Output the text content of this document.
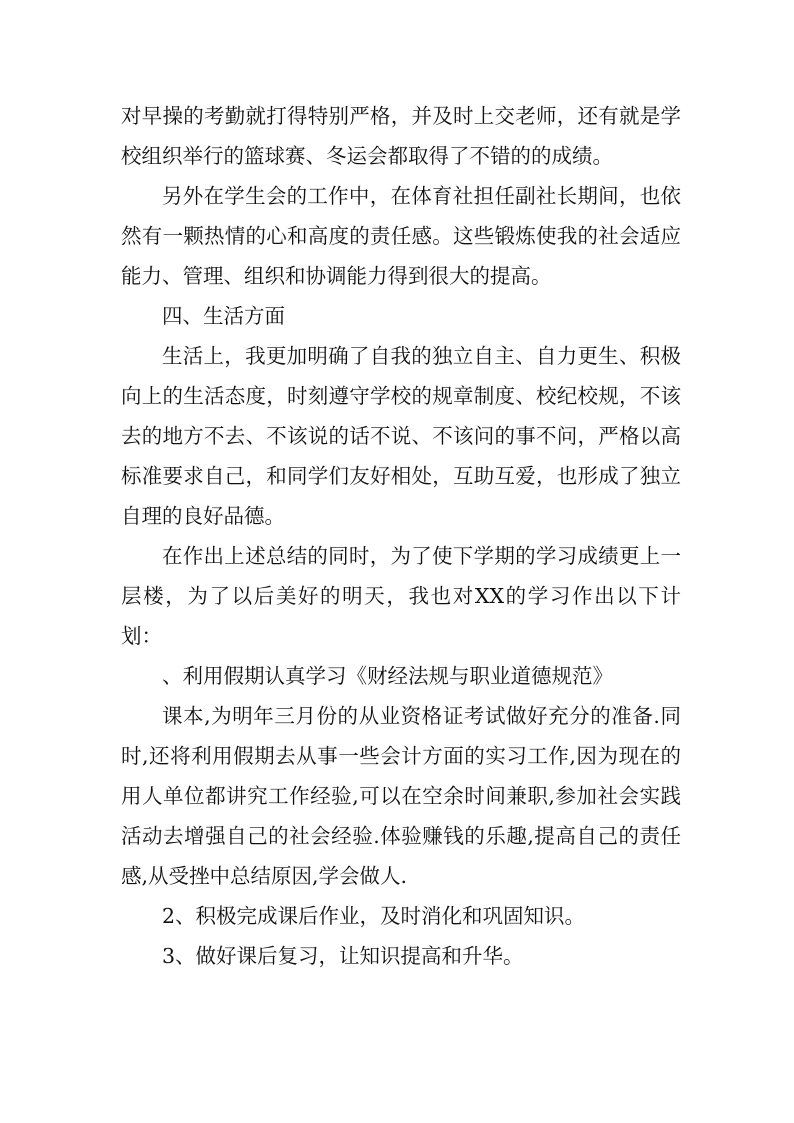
对早操的考勤就打得特别严格，并及时上交老师，还有就是学校组织举行的篮球赛、冬运会都取得了不错的的成绩。

另外在学生会的工作中，在体育社担任副社长期间，也依然有一颗热情的心和高度的责任感。这些锻炼使我的社会适应能力、管理、组织和协调能力得到很大的提高。

四、生活方面

生活上，我更加明确了自我的独立自主、自力更生、积极向上的生活态度，时刻遵守学校的规章制度、校纪校规，不该去的地方不去、不该说的话不说、不该问的事不问，严格以高标准要求自己，和同学们友好相处，互助互爱，也形成了独立自理的良好品德。

在作出上述总结的同时，为了使下学期的学习成绩更上一层楼，为了以后美好的明天，我也对XX的学习作出以下计划：

、利用假期认真学习《财经法规与职业道德规范》

课本,为明年三月份的从业资格证考试做好充分的准备.同时,还将利用假期去从事一些会计方面的实习工作,因为现在的用人单位都讲究工作经验,可以在空余时间兼职,参加社会实践活动去增强自己的社会经验.体验赚钱的乐趣,提高自己的责任感,从受挫中总结原因,学会做人.

2、积极完成课后作业，及时消化和巩固知识。

3、做好课后复习，让知识提高和升华。
